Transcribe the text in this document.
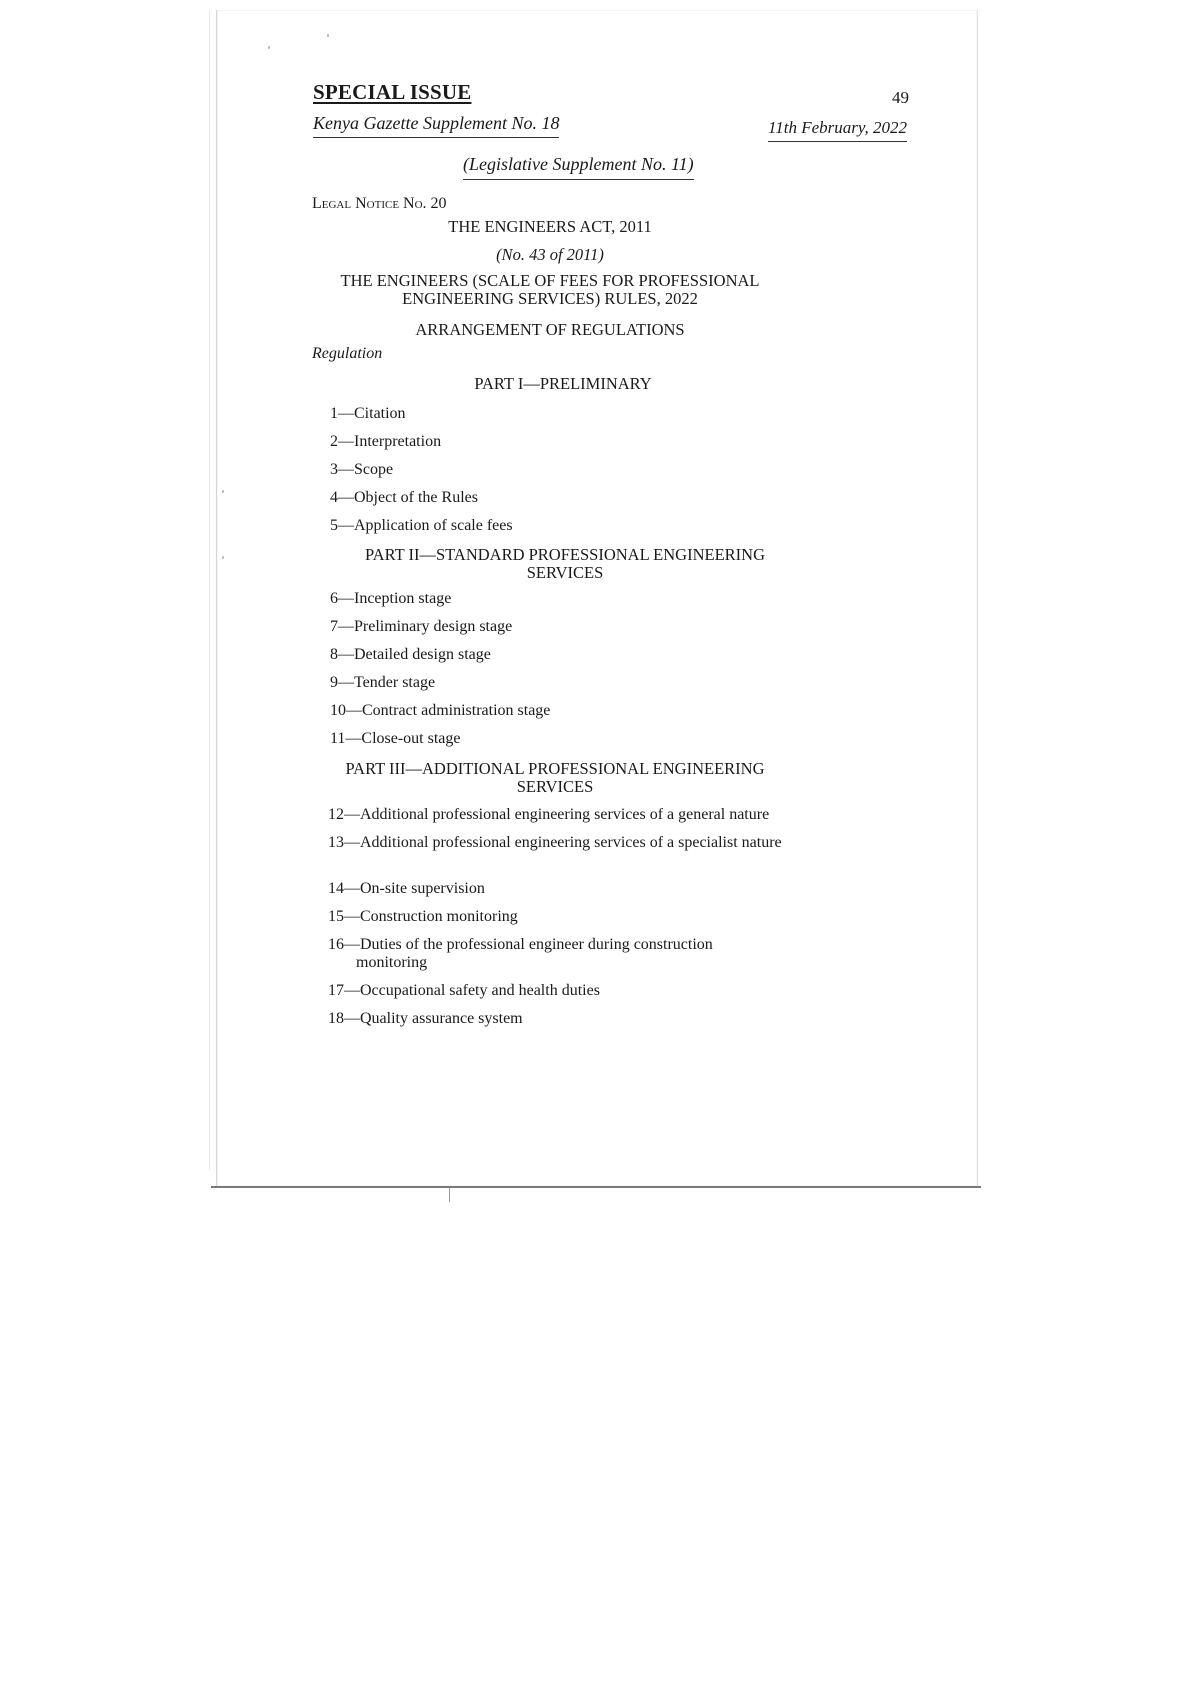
SPECIAL ISSUE	49
Kenya Gazette Supplement No. 18	11th February, 2022
(Legislative Supplement No. 11)
Legal Notice No. 20
THE ENGINEERS ACT, 2011
(No. 43 of 2011)
THE ENGINEERS (SCALE OF FEES FOR PROFESSIONAL ENGINEERING SERVICES) RULES, 2022
ARRANGEMENT OF REGULATIONS
Regulation
PART I—PRELIMINARY
1—Citation
2—Interpretation
3—Scope
4—Object of the Rules
5—Application of scale fees
PART II—STANDARD PROFESSIONAL ENGINEERING SERVICES
6—Inception stage
7—Preliminary design stage
8—Detailed design stage
9—Tender stage
10—Contract administration stage
11—Close-out stage
PART III—ADDITIONAL PROFESSIONAL ENGINEERING SERVICES
12—Additional professional engineering services of a general nature
13—Additional professional engineering services of a specialist nature
14—On-site supervision
15—Construction monitoring
16—Duties of the professional engineer during construction monitoring
17—Occupational safety and health duties
18—Quality assurance system
